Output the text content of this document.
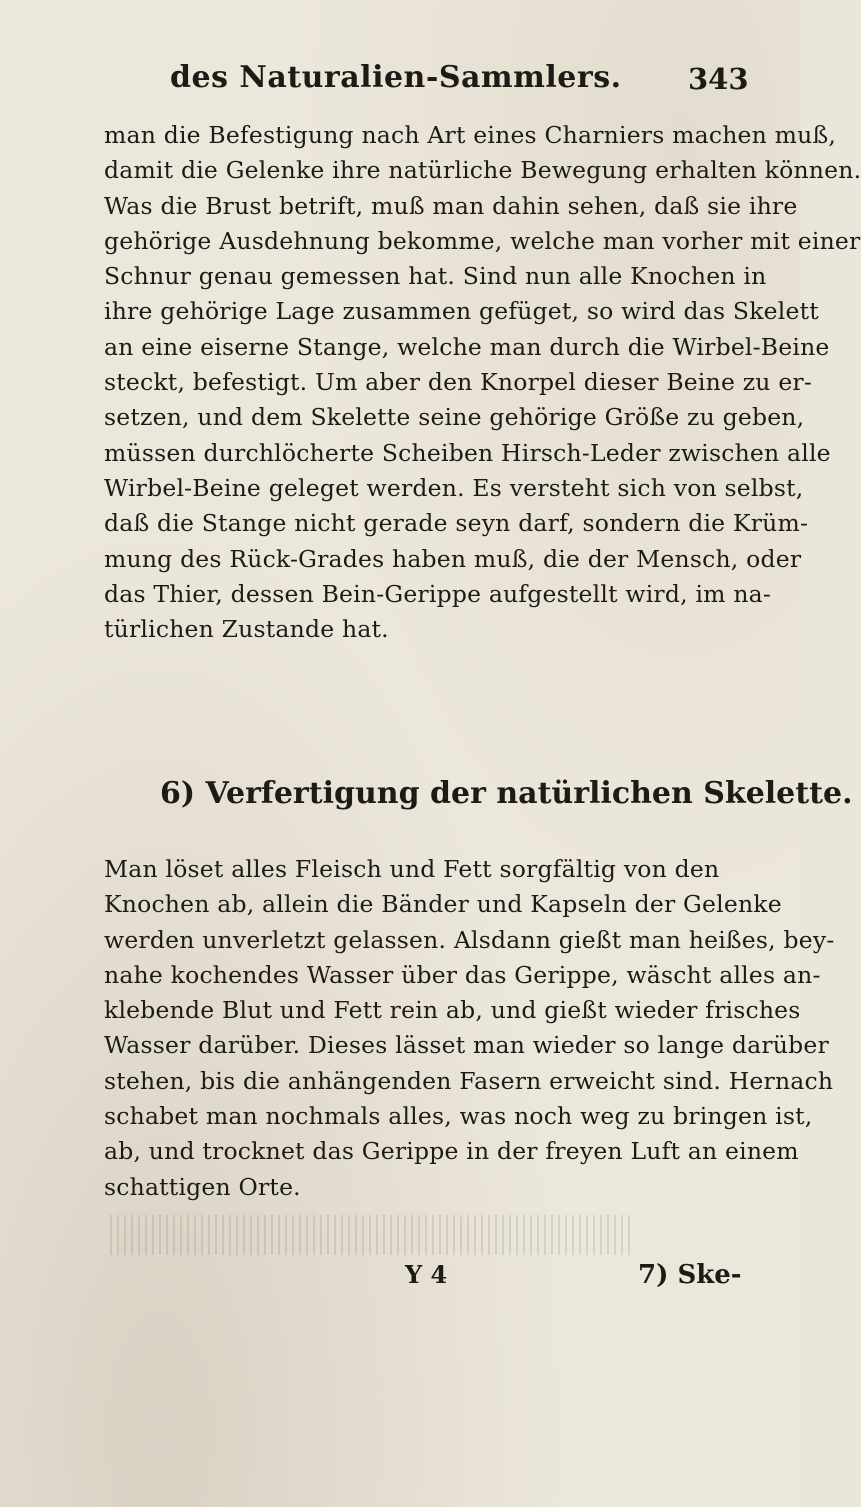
des Naturalien-Sammlers. 343
man die Befestigung nach Art eines Charniers machen muß,
damit die Gelenke ihre natürliche Bewegung erhalten können.
Was die Brust betrift, muß man dahin sehen, daß sie ihre
gehörige Ausdehnung bekomme, welche man vorher mit einer
Schnur genau gemessen hat. Sind nun alle Knochen in
ihre gehörige Lage zusammen gefüget, so wird das Skelett
an eine eiserne Stange, welche man durch die Wirbel-Beine
steckt, befestigt. Um aber den Knorpel dieser Beine zu er-
setzen, und dem Skelette seine gehörige Größe zu geben,
müssen durchlöcherte Scheiben Hirsch-Leder zwischen alle
Wirbel-Beine geleget werden. Es versteht sich von selbst,
daß die Stange nicht gerade seyn darf, sondern die Krüm-
mung des Rück-Grades haben muß, die der Mensch, oder
das Thier, dessen Bein-Gerippe aufgestellt wird, im na-
türlichen Zustande hat.
6) Verfertigung der natürlichen Skelette.
Man löset alles Fleisch und Fett sorgfältig von den
Knochen ab, allein die Bänder und Kapseln der Gelenke
werden unverletzt gelassen. Alsdann gießt man heißes, bey-
nahe kochendes Wasser über das Gerippe, wäscht alles an-
klebende Blut und Fett rein ab, und gießt wieder frisches
Wasser darüber. Dieses lässet man wieder so lange darüber
stehen, bis die anhängenden Fasern erweicht sind. Hernach
schabet man nochmals alles, was noch weg zu bringen ist,
ab, und trocknet das Gerippe in der freyen Luft an einem
schattigen Orte.
Y 4	7) Ske-
